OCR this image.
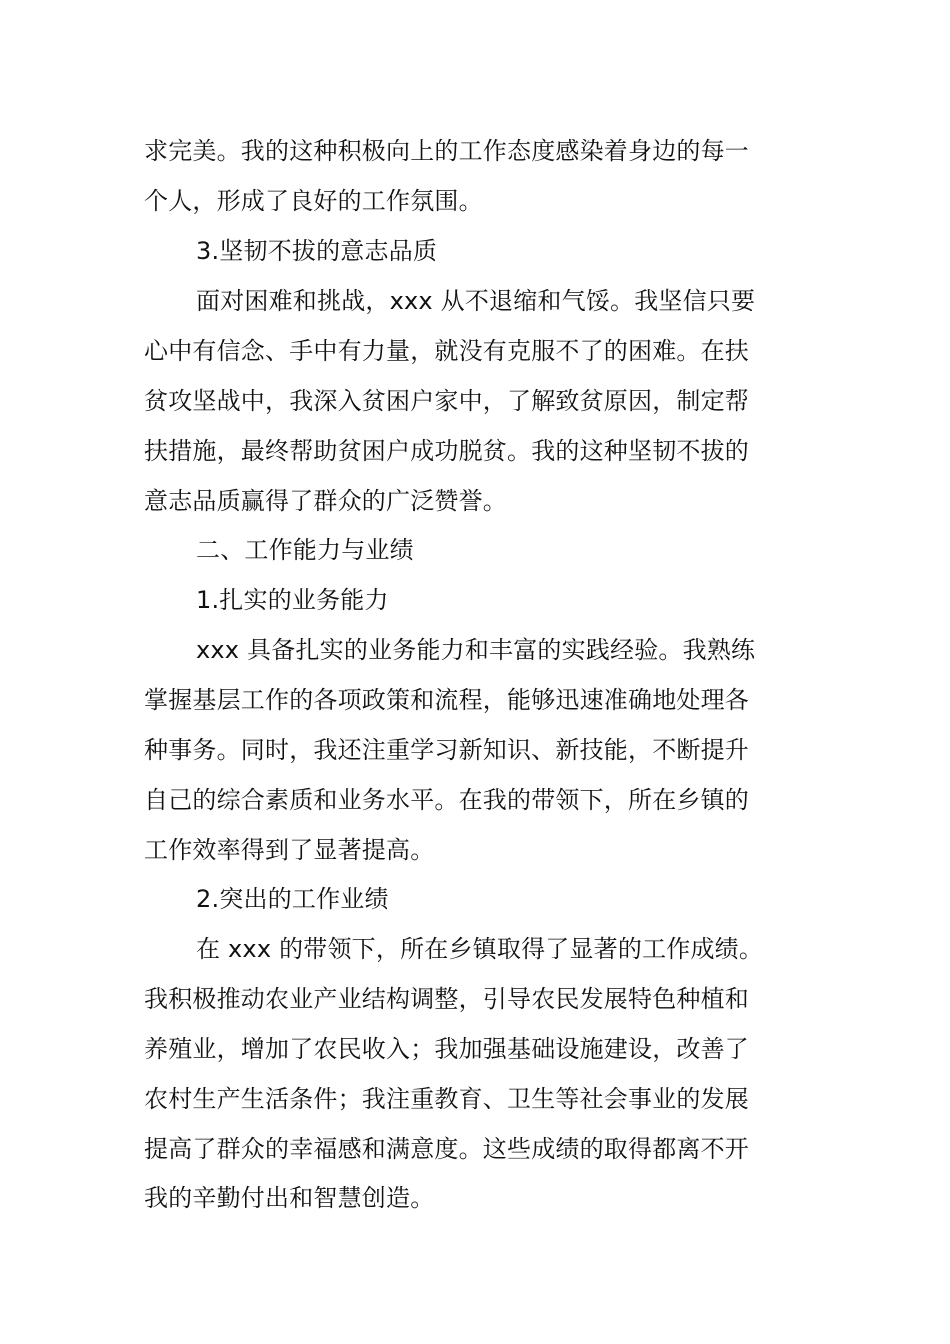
求完美。我的这种积极向上的工作态度感染着身边的每一
个人，形成了良好的工作氛围。
3.坚韧不拔的意志品质
面对困难和挑战，xxx 从不退缩和气馁。我坚信只要
心中有信念、手中有力量，就没有克服不了的困难。在扶
贫攻坚战中，我深入贫困户家中，了解致贫原因，制定帮
扶措施，最终帮助贫困户成功脱贫。我的这种坚韧不拔的
意志品质赢得了群众的广泛赞誉。
二、工作能力与业绩
1.扎实的业务能力
xxx 具备扎实的业务能力和丰富的实践经验。我熟练
掌握基层工作的各项政策和流程，能够迅速准确地处理各
种事务。同时，我还注重学习新知识、新技能，不断提升
自己的综合素质和业务水平。在我的带领下，所在乡镇的
工作效率得到了显著提高。
2.突出的工作业绩
在 xxx 的带领下，所在乡镇取得了显著的工作成绩。
我积极推动农业产业结构调整，引导农民发展特色种植和
养殖业，增加了农民收入；我加强基础设施建设，改善了
农村生产生活条件；我注重教育、卫生等社会事业的发展
提高了群众的幸福感和满意度。这些成绩的取得都离不开
我的辛勤付出和智慧创造。
